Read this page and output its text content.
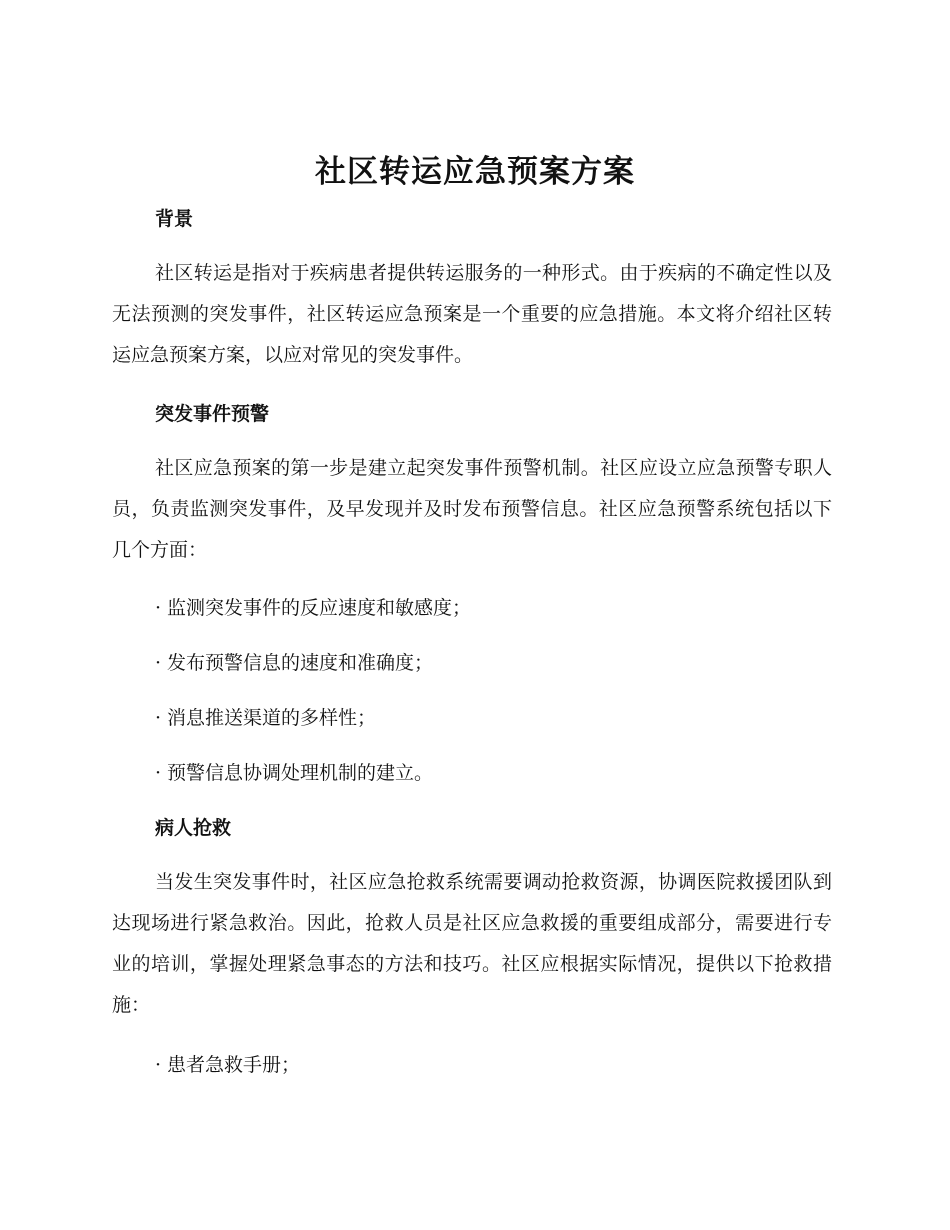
社区转运应急预案方案
背景
社区转运是指对于疾病患者提供转运服务的一种形式。由于疾病的不确定性以及无法预测的突发事件，社区转运应急预案是一个重要的应急措施。本文将介绍社区转运应急预案方案，以应对常见的突发事件。
突发事件预警
社区应急预案的第一步是建立起突发事件预警机制。社区应设立应急预警专职人员，负责监测突发事件，及早发现并及时发布预警信息。社区应急预警系统包括以下几个方面：
· 监测突发事件的反应速度和敏感度；
· 发布预警信息的速度和准确度；
· 消息推送渠道的多样性；
· 预警信息协调处理机制的建立。
病人抢救
当发生突发事件时，社区应急抢救系统需要调动抢救资源，协调医院救援团队到达现场进行紧急救治。因此，抢救人员是社区应急救援的重要组成部分，需要进行专业的培训，掌握处理紧急事态的方法和技巧。社区应根据实际情况，提供以下抢救措施：
· 患者急救手册；
